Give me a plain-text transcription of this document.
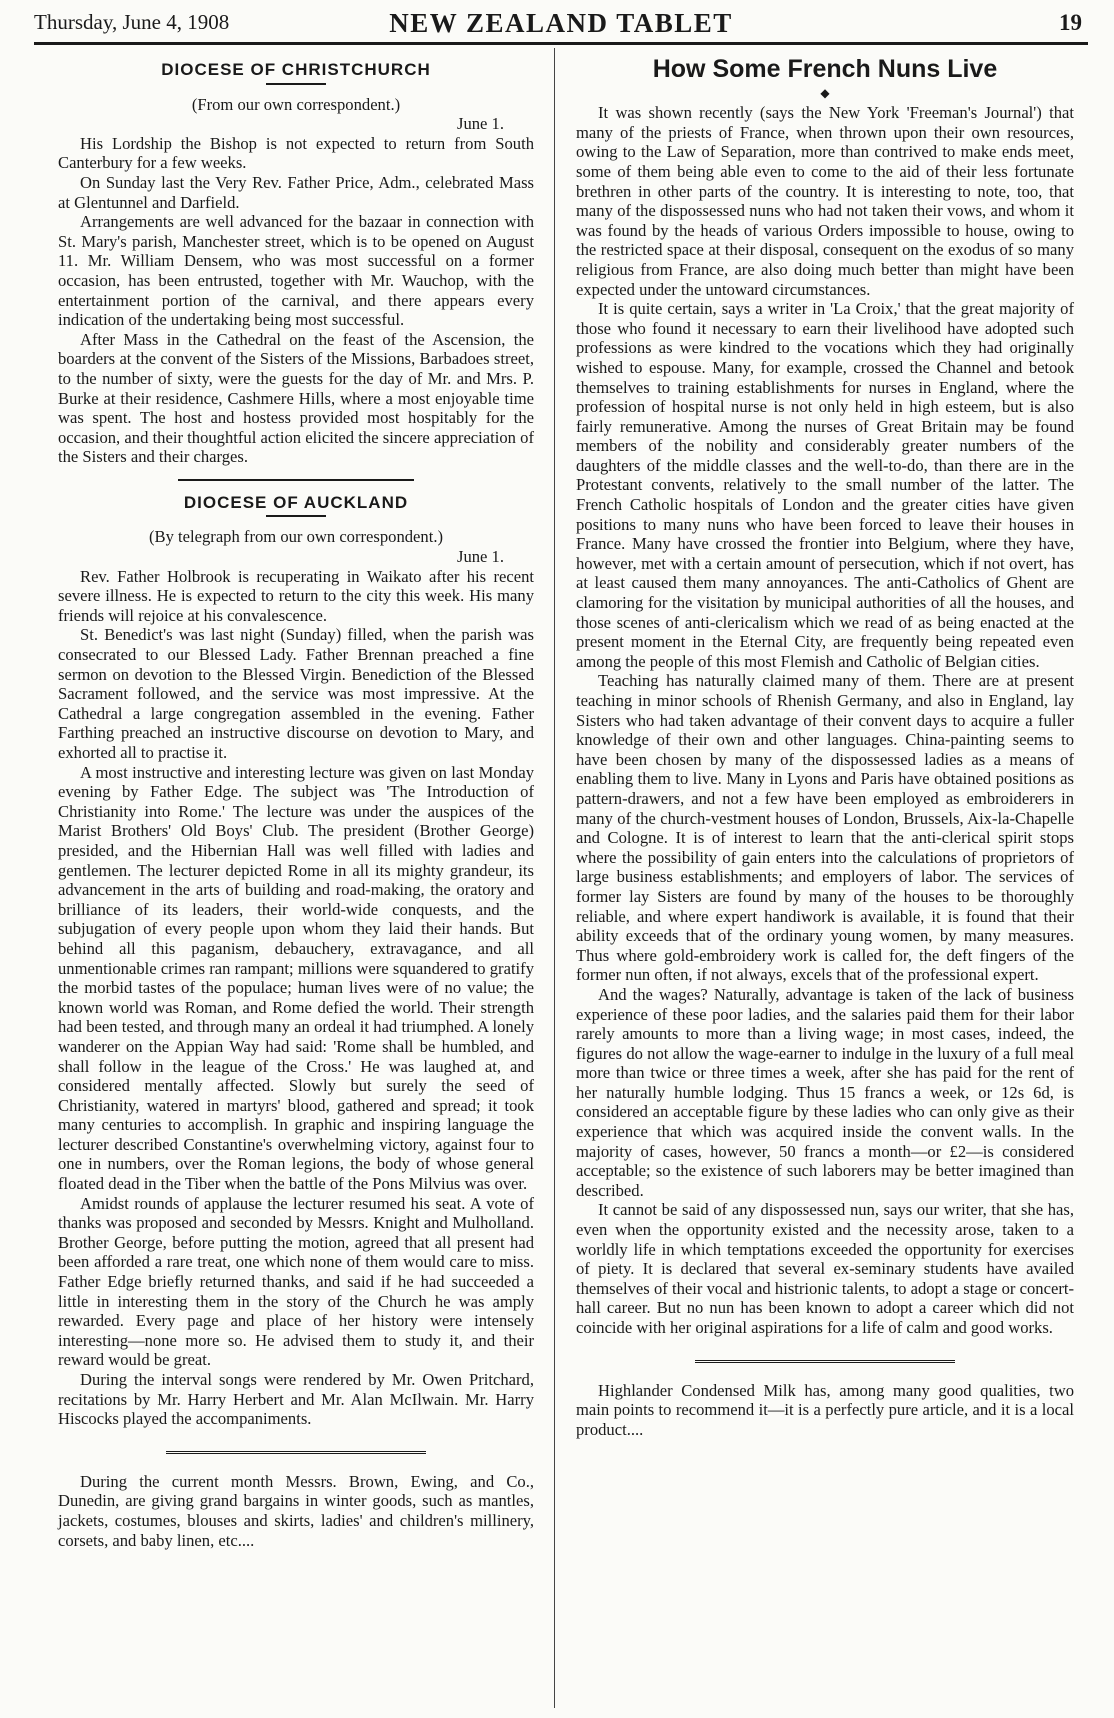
Thursday, June 4, 1908	NEW ZEALAND TABLET	19
DIOCESE OF CHRISTCHURCH

(From our own correspondent.)

June 1.

His Lordship the Bishop is not expected to return from South Canterbury for a few weeks.

On Sunday last the Very Rev. Father Price, Adm., celebrated Mass at Glentunnel and Darfield.

Arrangements are well advanced for the bazaar in connection with St. Mary's parish, Manchester street, which is to be opened on August 11. Mr. William Densem, who was most successful on a former occasion, has been entrusted, together with Mr. Wauchop, with the entertainment portion of the carnival, and there appears every indication of the undertaking being most successful.

After Mass in the Cathedral on the feast of the Ascension, the boarders at the convent of the Sisters of the Missions, Barbadoes street, to the number of sixty, were the guests for the day of Mr. and Mrs. P. Burke at their residence, Cashmere Hills, where a most enjoyable time was spent. The host and hostess provided most hospitably for the occasion, and their thoughtful action elicited the sincere appreciation of the Sisters and their charges.

DIOCESE OF AUCKLAND

(By telegraph from our own correspondent.)

June 1.

Rev. Father Holbrook is recuperating in Waikato after his recent severe illness. He is expected to return to the city this week. His many friends will rejoice at his convalescence.

St. Benedict's was last night (Sunday) filled, when the parish was consecrated to our Blessed Lady. Father Brennan preached a fine sermon on devotion to the Blessed Virgin. Benediction of the Blessed Sacrament followed, and the service was most impressive. At the Cathedral a large congregation assembled in the evening. Father Farthing preached an instructive discourse on devotion to Mary, and exhorted all to practise it.

A most instructive and interesting lecture was given on last Monday evening by Father Edge. The subject was 'The Introduction of Christianity into Rome.' The lecture was under the auspices of the Marist Brothers' Old Boys' Club. The president (Brother George) presided, and the Hibernian Hall was well filled with ladies and gentlemen. The lecturer depicted Rome in all its mighty grandeur, its advancement in the arts of building and road-making, the oratory and brilliance of its leaders, their world-wide conquests, and the subjugation of every people upon whom they laid their hands. But behind all this paganism, debauchery, extravagance, and all unmentionable crimes ran rampant; millions were squandered to gratify the morbid tastes of the populace; human lives were of no value; the known world was Roman, and Rome defied the world. Their strength had been tested, and through many an ordeal it had triumphed. A lonely wanderer on the Appian Way had said: 'Rome shall be humbled, and shall follow in the league of the Cross.' He was laughed at, and considered mentally affected. Slowly but surely the seed of Christianity, watered in martyrs' blood, gathered and spread; it took many centuries to accomplish. In graphic and inspiring language the lecturer described Constantine's overwhelming victory, against four to one in numbers, over the Roman legions, the body of whose general floated dead in the Tiber when the battle of the Pons Milvius was over.

Amidst rounds of applause the lecturer resumed his seat. A vote of thanks was proposed and seconded by Messrs. Knight and Mulholland. Brother George, before putting the motion, agreed that all present had been afforded a rare treat, one which none of them would care to miss. Father Edge briefly returned thanks, and said if he had succeeded a little in interesting them in the story of the Church he was amply rewarded. Every page and place of her history were intensely interesting—none more so. He advised them to study it, and their reward would be great.

During the interval songs were rendered by Mr. Owen Pritchard, recitations by Mr. Harry Herbert and Mr. Alan McIlwain. Mr. Harry Hiscocks played the accompaniments.

During the current month Messrs. Brown, Ewing, and Co., Dunedin, are giving grand bargains in winter goods, such as mantles, jackets, costumes, blouses and skirts, ladies' and children's millinery, corsets, and baby linen, etc....

How Some French Nuns Live

◆

It was shown recently (says the New York 'Freeman's Journal') that many of the priests of France, when thrown upon their own resources, owing to the Law of Separation, more than contrived to make ends meet, some of them being able even to come to the aid of their less fortunate brethren in other parts of the country. It is interesting to note, too, that many of the dispossessed nuns who had not taken their vows, and whom it was found by the heads of various Orders impossible to house, owing to the restricted space at their disposal, consequent on the exodus of so many religious from France, are also doing much better than might have been expected under the untoward circumstances.

It is quite certain, says a writer in 'La Croix,' that the great majority of those who found it necessary to earn their livelihood have adopted such professions as were kindred to the vocations which they had originally wished to espouse. Many, for example, crossed the Channel and betook themselves to training establishments for nurses in England, where the profession of hospital nurse is not only held in high esteem, but is also fairly remunerative. Among the nurses of Great Britain may be found members of the nobility and considerably greater numbers of the daughters of the middle classes and the well-to-do, than there are in the Protestant convents, relatively to the small number of the latter. The French Catholic hospitals of London and the greater cities have given positions to many nuns who have been forced to leave their houses in France. Many have crossed the frontier into Belgium, where they have, however, met with a certain amount of persecution, which if not overt, has at least caused them many annoyances. The anti-Catholics of Ghent are clamoring for the visitation by municipal authorities of all the houses, and those scenes of anti-clericalism which we read of as being enacted at the present moment in the Eternal City, are frequently being repeated even among the people of this most Flemish and Catholic of Belgian cities.

Teaching has naturally claimed many of them. There are at present teaching in minor schools of Rhenish Germany, and also in England, lay Sisters who had taken advantage of their convent days to acquire a fuller knowledge of their own and other languages. China-painting seems to have been chosen by many of the dispossessed ladies as a means of enabling them to live. Many in Lyons and Paris have obtained positions as pattern-drawers, and not a few have been employed as embroiderers in many of the church-vestment houses of London, Brussels, Aix-la-Chapelle and Cologne. It is of interest to learn that the anti-clerical spirit stops where the possibility of gain enters into the calculations of proprietors of large business establishments; and employers of labor. The services of former lay Sisters are found by many of the houses to be thoroughly reliable, and where expert handiwork is available, it is found that their ability exceeds that of the ordinary young women, by many measures. Thus where gold-embroidery work is called for, the deft fingers of the former nun often, if not always, excels that of the professional expert.

And the wages? Naturally, advantage is taken of the lack of business experience of these poor ladies, and the salaries paid them for their labor rarely amounts to more than a living wage; in most cases, indeed, the figures do not allow the wage-earner to indulge in the luxury of a full meal more than twice or three times a week, after she has paid for the rent of her naturally humble lodging. Thus 15 francs a week, or 12s 6d, is considered an acceptable figure by these ladies who can only give as their experience that which was acquired inside the convent walls. In the majority of cases, however, 50 francs a month—or £2—is considered acceptable; so the existence of such laborers may be better imagined than described.

It cannot be said of any dispossessed nun, says our writer, that she has, even when the opportunity existed and the necessity arose, taken to a worldly life in which temptations exceeded the opportunity for exercises of piety. It is declared that several ex-seminary students have availed themselves of their vocal and histrionic talents, to adopt a stage or concert-hall career. But no nun has been known to adopt a career which did not coincide with her original aspirations for a life of calm and good works.

Highlander Condensed Milk has, among many good qualities, two main points to recommend it—it is a perfectly pure article, and it is a local product....
